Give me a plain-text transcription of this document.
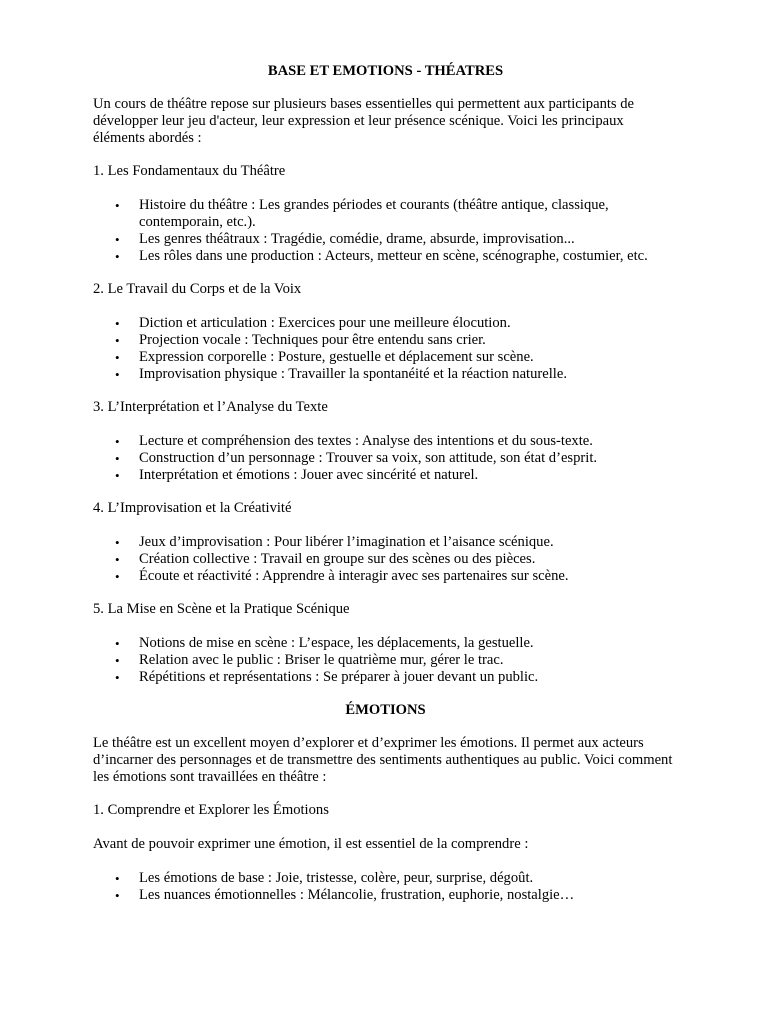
BASE ET EMOTIONS - THÉATRES

Un cours de théâtre repose sur plusieurs bases essentielles qui permettent aux participants de développer leur jeu d'acteur, leur expression et leur présence scénique. Voici les principaux éléments abordés :

1. Les Fondamentaux du Théâtre

• Histoire du théâtre : Les grandes périodes et courants (théâtre antique, classique, contemporain, etc.).
• Les genres théâtraux : Tragédie, comédie, drame, absurde, improvisation...
• Les rôles dans une production : Acteurs, metteur en scène, scénographe, costumier, etc.

2. Le Travail du Corps et de la Voix

• Diction et articulation : Exercices pour une meilleure élocution.
• Projection vocale : Techniques pour être entendu sans crier.
• Expression corporelle : Posture, gestuelle et déplacement sur scène.
• Improvisation physique : Travailler la spontanéité et la réaction naturelle.

3. L’Interprétation et l’Analyse du Texte

• Lecture et compréhension des textes : Analyse des intentions et du sous-texte.
• Construction d’un personnage : Trouver sa voix, son attitude, son état d’esprit.
• Interprétation et émotions : Jouer avec sincérité et naturel.

4. L’Improvisation et la Créativité

• Jeux d’improvisation : Pour libérer l’imagination et l’aisance scénique.
• Création collective : Travail en groupe sur des scènes ou des pièces.
• Écoute et réactivité : Apprendre à interagir avec ses partenaires sur scène.

5. La Mise en Scène et la Pratique Scénique

• Notions de mise en scène : L’espace, les déplacements, la gestuelle.
• Relation avec le public : Briser le quatrième mur, gérer le trac.
• Répétitions et représentations : Se préparer à jouer devant un public.

ÉMOTIONS

Le théâtre est un excellent moyen d’explorer et d’exprimer les émotions. Il permet aux acteurs d’incarner des personnages et de transmettre des sentiments authentiques au public. Voici comment les émotions sont travaillées en théâtre :

1. Comprendre et Explorer les Émotions

Avant de pouvoir exprimer une émotion, il est essentiel de la comprendre :

• Les émotions de base : Joie, tristesse, colère, peur, surprise, dégoût.
• Les nuances émotionnelles : Mélancolie, frustration, euphorie, nostalgie…
